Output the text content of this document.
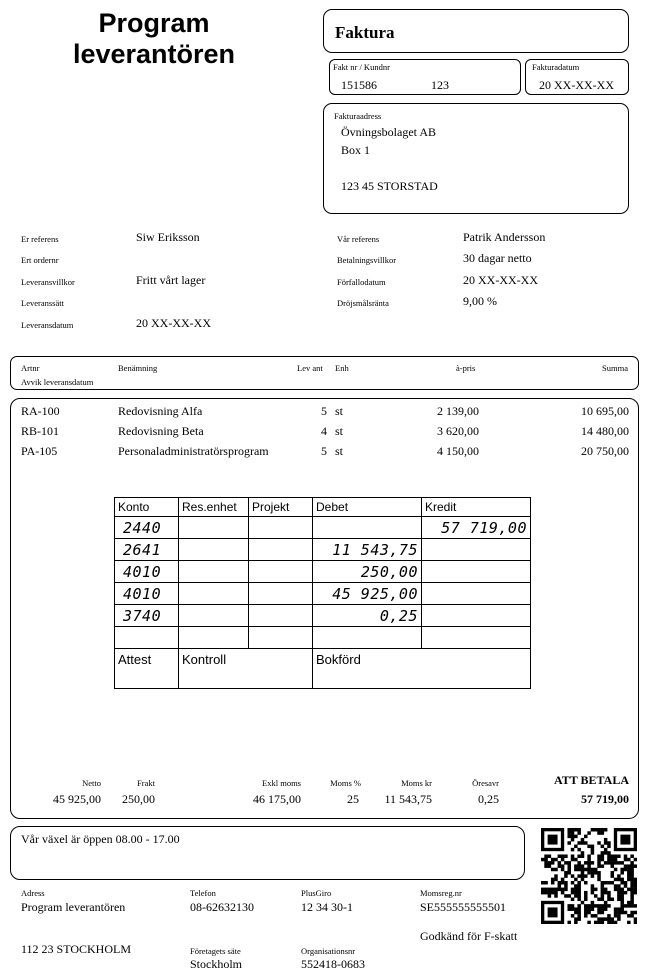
Program
leverantören
Faktura
Fakt nr / Kundnr
151586	123
Fakturadatum
20 XX-XX-XX
Fakturaadress
Övningsbolaget AB
Box 1
123 45 STORSTAD
Er referens	Siw Eriksson
Ert ordernr
Leveransvillkor	Fritt vårt lager
Leveranssätt
Leveransdatum	20 XX-XX-XX
Vår referens	Patrik Andersson
Betalningsvillkor	30 dagar netto
Förfallodatum	20 XX-XX-XX
Dröjsmålsränta	9,00 %
Artnr
Avvik leveransdatum
Benämning	Lev ant Enh	à-pris	Summa
RA-100	Redovisning Alfa	5 st	2 139,00	10 695,00
RB-101	Redovisning Beta	4 st	3 620,00	14 480,00
PA-105	Personaladministratörsprogram	5 st	4 150,00	20 750,00
Netto	Frakt	Exkl moms	Moms %	Moms kr	Öresavr	ATT BETALA
45 925,00	250,00	46 175,00	25	11 543,75	0,25	57 719,00
Konto	Res.enhet	Projekt	Debet	Kredit
2440				57 719,00
2641			11 543,75	
4010			250,00	
4010			45 925,00	
3740			0,25	

Attest	Kontroll		Bokförd	
Vår växel är öppen 08.00 - 17.00
Adress
Program leverantören
112 23 STOCKHOLM
Telefon
08-62632130
Företagets säte
Stockholm
PlusGiro
12 34 30-1
Organisationsnr
552418-0683
Momsreg.nr
SE555555555501
Godkänd för F-skatt
